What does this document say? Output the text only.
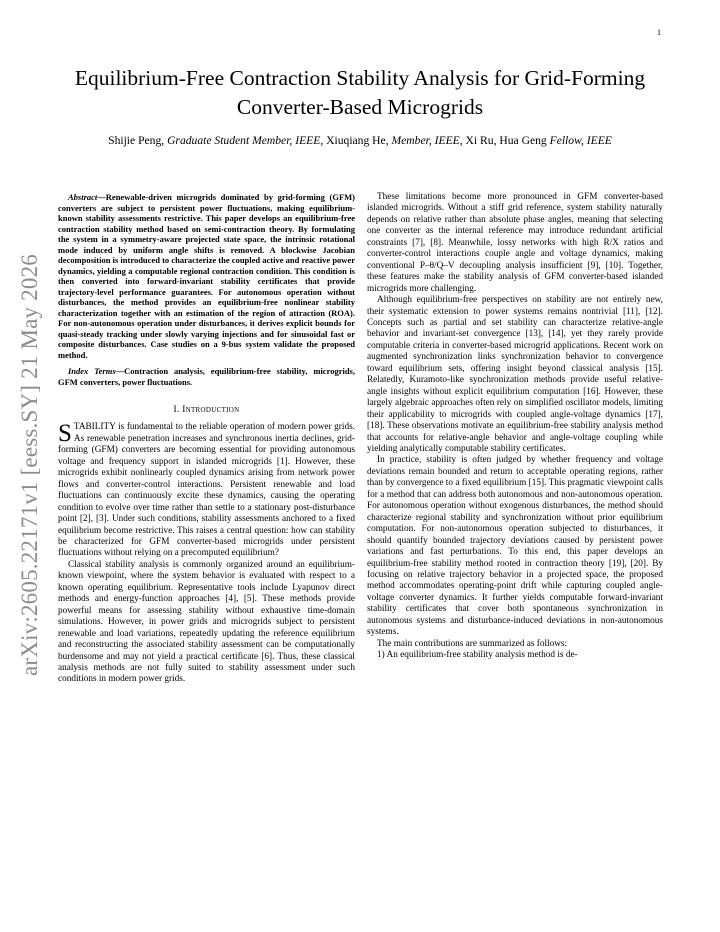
1
arXiv:2605.22171v1 [eess.SY] 21 May 2026
Equilibrium-Free Contraction Stability Analysis for Grid-Forming Converter-Based Microgrids
Shijie Peng, Graduate Student Member, IEEE, Xiuqiang He, Member, IEEE, Xi Ru, Hua Geng Fellow, IEEE

Abstract—Renewable-driven microgrids dominated by grid-forming (GFM) converters are subject to persistent power fluctuations, making equilibrium-known stability assessments restrictive. This paper develops an equilibrium-free contraction stability method based on semi-contraction theory. By formulating the system in a symmetry-aware projected state space, the intrinsic rotational mode induced by uniform angle shifts is removed. A blockwise Jacobian decomposition is introduced to characterize the coupled active and reactive power dynamics, yielding a computable regional contraction condition. This condition is then converted into forward-invariant stability certificates that provide trajectory-level performance guarantees. For autonomous operation without disturbances, the method provides an equilibrium-free nonlinear stability characterization together with an estimation of the region of attraction (ROA). For non-autonomous operation under disturbances, it derives explicit bounds for quasi-steady tracking under slowly varying injections and for sinusoidal fast or composite disturbances. Case studies on a 9-bus system validate the proposed method.

Index Terms—Contraction analysis, equilibrium-free stability, microgrids, GFM converters, power fluctuations.

I. Introduction

STABILITY is fundamental to the reliable operation of modern power grids. As renewable penetration increases and synchronous inertia declines, grid-forming (GFM) converters are becoming essential for providing autonomous voltage and frequency support in islanded microgrids [1]. However, these microgrids exhibit nonlinearly coupled dynamics arising from network power flows and converter-control interactions. Persistent renewable and load fluctuations can continuously excite these dynamics, causing the operating condition to evolve over time rather than settle to a stationary post-disturbance point [2], [3]. Under such conditions, stability assessments anchored to a fixed equilibrium become restrictive. This raises a central question: how can stability be characterized for GFM converter-based microgrids under persistent fluctuations without relying on a precomputed equilibrium?

Classical stability analysis is commonly organized around an equilibrium-known viewpoint, where the system behavior is evaluated with respect to a known operating equilibrium. Representative tools include Lyapunov direct methods and energy-function approaches [4], [5]. These methods provide powerful means for assessing stability without exhaustive time-domain simulations. However, in power grids and microgrids subject to persistent renewable and load variations, repeatedly updating the reference equilibrium and reconstructing the associated stability assessment can be computationally burdensome and may not yield a practical certificate [6]. Thus, these classical analysis methods are not fully suited to stability assessment under such conditions in modern power grids.

These limitations become more pronounced in GFM converter-based islanded microgrids. Without a stiff grid reference, system stability naturally depends on relative rather than absolute phase angles, meaning that selecting one converter as the internal reference may introduce redundant artificial constraints [7], [8]. Meanwhile, lossy networks with high R/X ratios and converter-control interactions couple angle and voltage dynamics, making conventional P–θ/Q–V decoupling analysis insufficient [9], [10]. Together, these features make the stability analysis of GFM converter-based islanded microgrids more challenging.

Although equilibrium-free perspectives on stability are not entirely new, their systematic extension to power systems remains nontrivial [11], [12]. Concepts such as partial and set stability can characterize relative-angle behavior and invariant-set convergence [13], [14], yet they rarely provide computable criteria in converter-based microgrid applications. Recent work on augmented synchronization links synchronization behavior to convergence toward equilibrium sets, offering insight beyond classical analysis [15]. Relatedly, Kuramoto-like synchronization methods provide useful relative-angle insights without explicit equilibrium computation [16]. However, these largely algebraic approaches often rely on simplified oscillator models, limiting their applicability to microgrids with coupled angle-voltage dynamics [17], [18]. These observations motivate an equilibrium-free stability analysis method that accounts for relative-angle behavior and angle-voltage coupling while yielding analytically computable stability certificates.

In practice, stability is often judged by whether frequency and voltage deviations remain bounded and return to acceptable operating regions, rather than by convergence to a fixed equilibrium [15]. This pragmatic viewpoint calls for a method that can address both autonomous and non-autonomous operation. For autonomous operation without exogenous disturbances, the method should characterize regional stability and synchronization without prior equilibrium computation. For non-autonomous operation subjected to disturbances, it should quantify bounded trajectory deviations caused by persistent power variations and fast perturbations. To this end, this paper develops an equilibrium-free stability method rooted in contraction theory [19], [20]. By focusing on relative trajectory behavior in a projected space, the proposed method accommodates operating-point drift while capturing coupled angle-voltage converter dynamics. It further yields computable forward-invariant stability certificates that cover both spontaneous synchronization in autonomous systems and disturbance-induced deviations in non-autonomous systems.

The main contributions are summarized as follows:

1) An equilibrium-free stability analysis method is de-
